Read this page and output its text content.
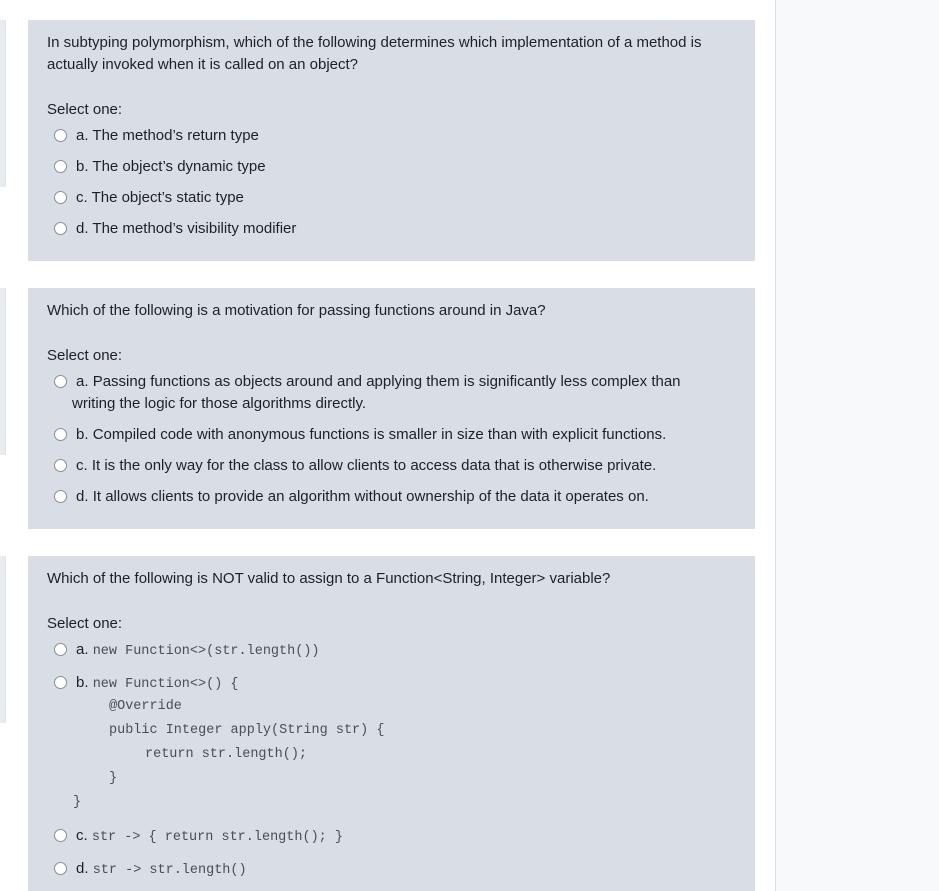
In subtyping polymorphism, which of the following determines which implementation of a method is actually invoked when it is called on an object?

Select one:

a. The method’s return type
b. The object’s dynamic type
c. The object’s static type
d. The method’s visibility modifier

Which of the following is a motivation for passing functions around in Java?

Select one:

a. Passing functions as objects around and applying them is significantly less complex than
writing the logic for those algorithms directly.
b. Compiled code with anonymous functions is smaller in size than with explicit functions.
c. It is the only way for the class to allow clients to access data that is otherwise private.
d. It allows clients to provide an algorithm without ownership of the data it operates on.

Which of the following is NOT valid to assign to a Function<String, Integer> variable?

Select one:

a. new Function<>(str.length())
b. new Function<>() {
@Override
public Integer apply(String str) {
return str.length();
}
}
c. str -> { return str.length(); }
d. str -> str.length()
